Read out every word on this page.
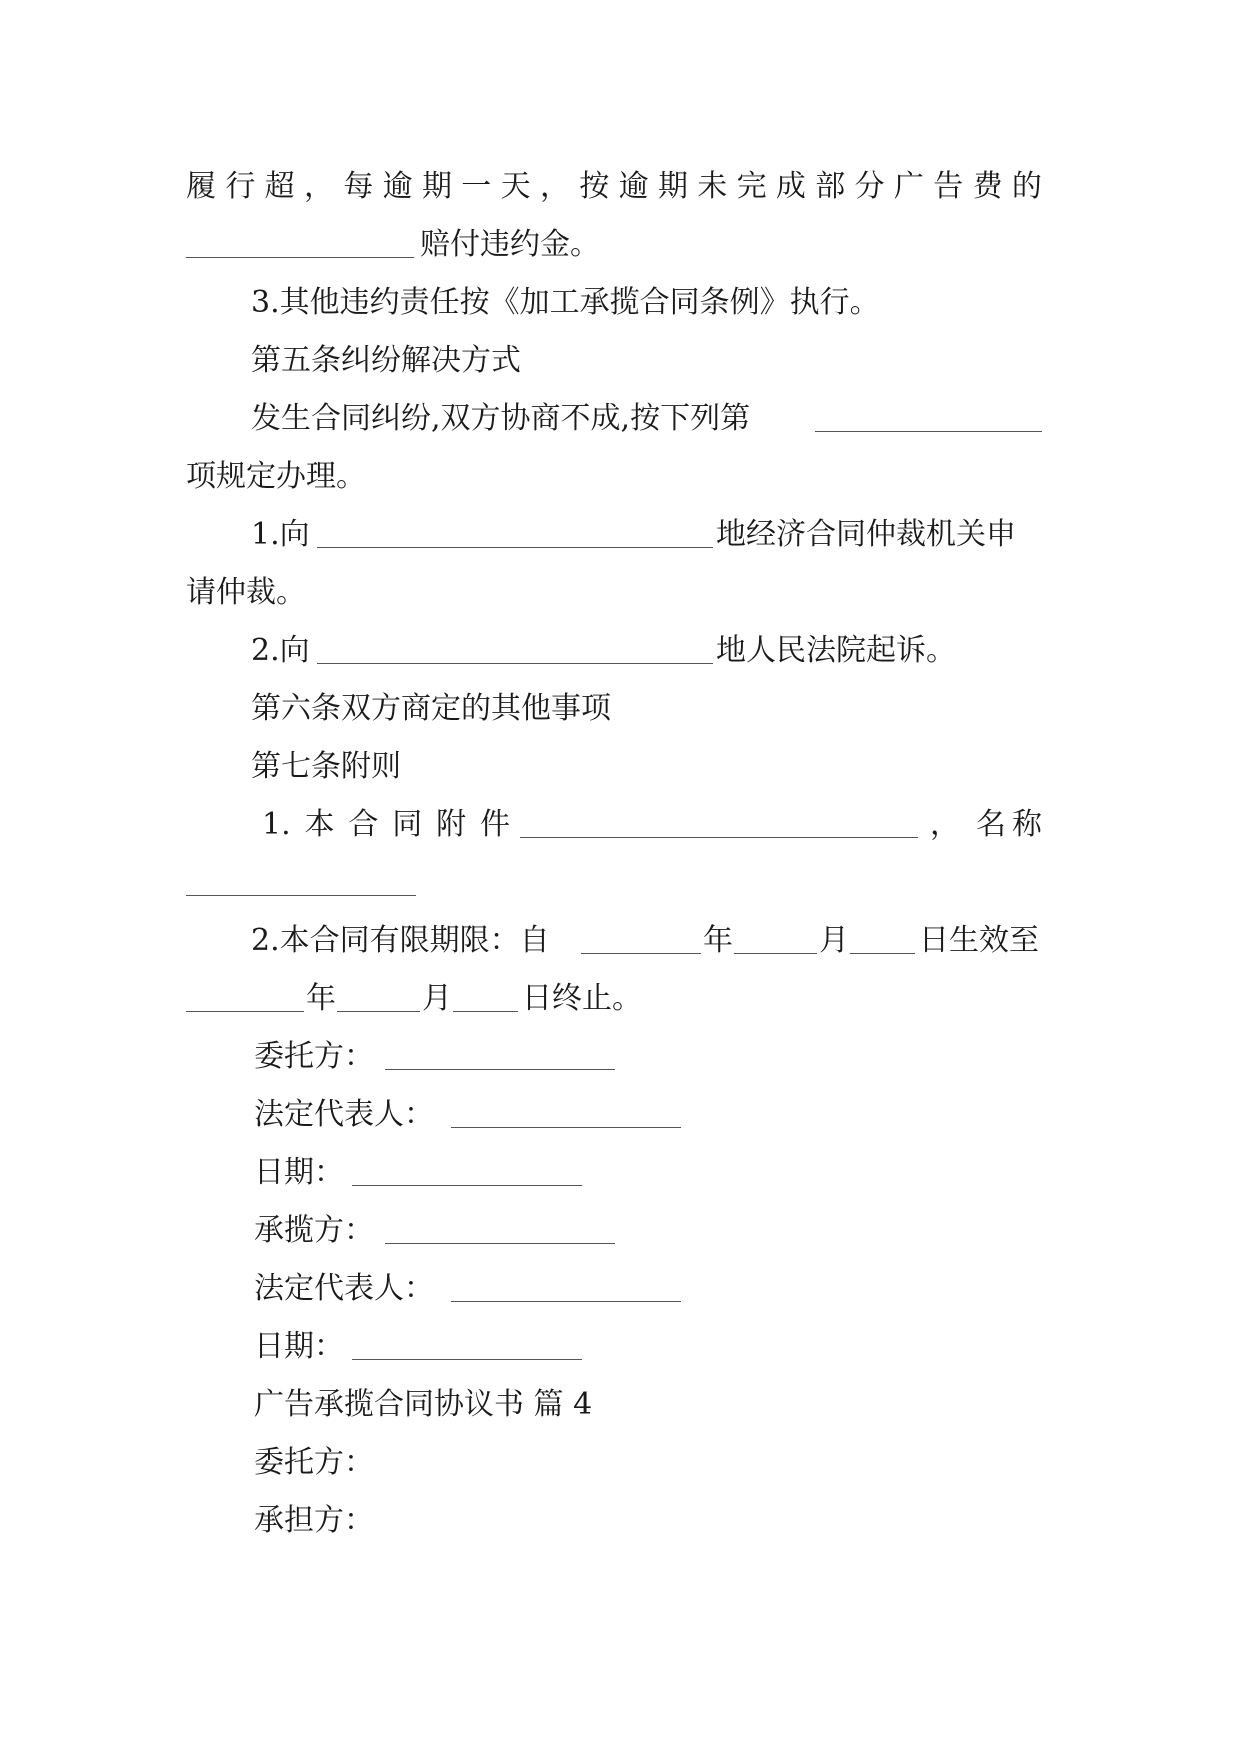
履 行 超 ， 每 逾 期 一 天 ， 按 逾 期 未 完 成 部 分 广 告 费 的
赔付违约金。
3.其他违约责任按《加工承揽合同条例》执行。
第五条纠纷解决方式
发生合同纠纷,双方协商不成,按下列第
项规定办理。
1.向	地经济合同仲裁机关申
请仲裁。
2.向	地人民法院起诉。
第六条双方商定的其他事项
第七条附则
1. 本 合 同 附 件	， 名 称
2.本合同有限期限：自	年	月 日生效至
年	月 日终止。
委托方：
法定代表人：
日期：
承揽方：
法定代表人：
日期：
广告承揽合同协议书 篇 4
委托方：
承担方：
